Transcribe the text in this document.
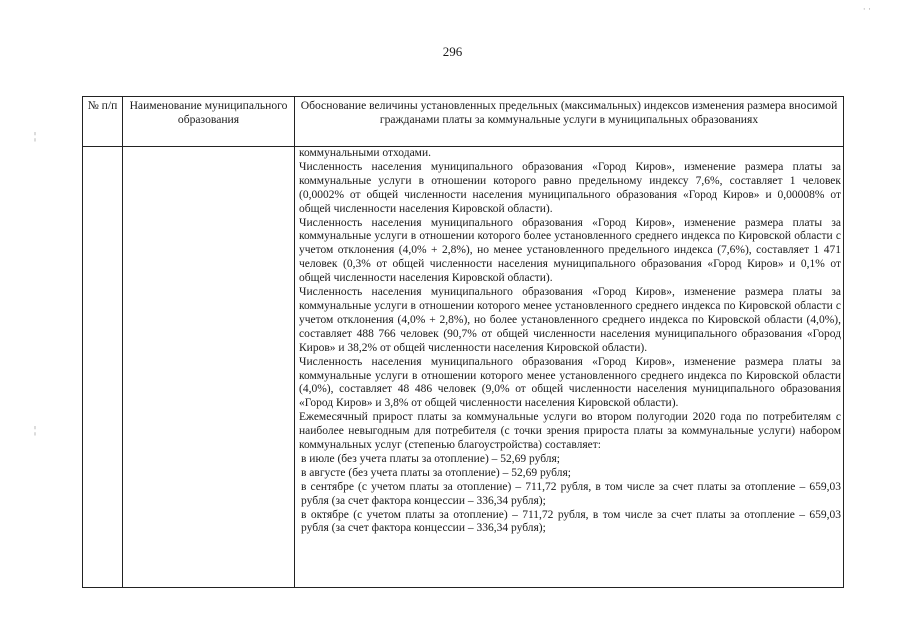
296
· ·
¦
¦
№ п/п	Наименование муниципального образования
Обоснование величины установленных предельных (максимальных) индексов изменения размера вносимой гражданами платы за коммунальные услуги в муниципальных образованиях

коммунальными отходами.

Численность населения муниципального образования «Город Киров», изменение размера платы за коммунальные услуги в отношении которого равно предельному индексу 7,6%, составляет 1 человек (0,0002% от общей численности населения муниципального образования «Город Киров» и 0,00008% от общей численности населения Кировской области).

Численность населения муниципального образования «Город Киров», изменение размера платы за коммунальные услуги в отношении которого более установленного среднего индекса по Кировской области с учетом отклонения (4,0% + 2,8%), но менее установленного предельного индекса (7,6%), составляет 1 471 человек (0,3% от общей численности населения муниципального образования «Город Киров» и 0,1% от общей численности населения Кировской области).

Численность населения муниципального образования «Город Киров», изменение размера платы за коммунальные услуги в отношении которого менее установленного среднего индекса по Кировской области с учетом отклонения (4,0% + 2,8%), но более установленного среднего индекса по Кировской области (4,0%), составляет 488 766 человек (90,7% от общей численности населения муниципального образования «Город Киров» и 38,2% от общей численности населения Кировской области).

Численность населения муниципального образования «Город Киров», изменение размера платы за коммунальные услуги в отношении которого менее установленного среднего индекса по Кировской области (4,0%), составляет 48 486 человек (9,0% от общей численности населения муниципального образования «Город Киров» и 3,8% от общей численности населения Кировской области).

Ежемесячный прирост платы за коммунальные услуги во втором полугодии 2020 года по потребителям с наиболее невыгодным для потребителя (с точки зрения прироста платы за коммунальные услуги) набором коммунальных услуг (степенью благоустройства) составляет:

в июле (без учета платы за отопление) – 52,69 рубля;

в августе (без учета платы за отопление) – 52,69 рубля;

в сентябре (с учетом платы за отопление) – 711,72 рубля, в том числе за счет платы за отопление – 659,03 рубля (за счет фактора концессии – 336,34 рубля);

в октябре (с учетом платы за отопление) – 711,72 рубля, в том числе за счет платы за отопление – 659,03 рубля (за счет фактора концессии – 336,34 рубля);
